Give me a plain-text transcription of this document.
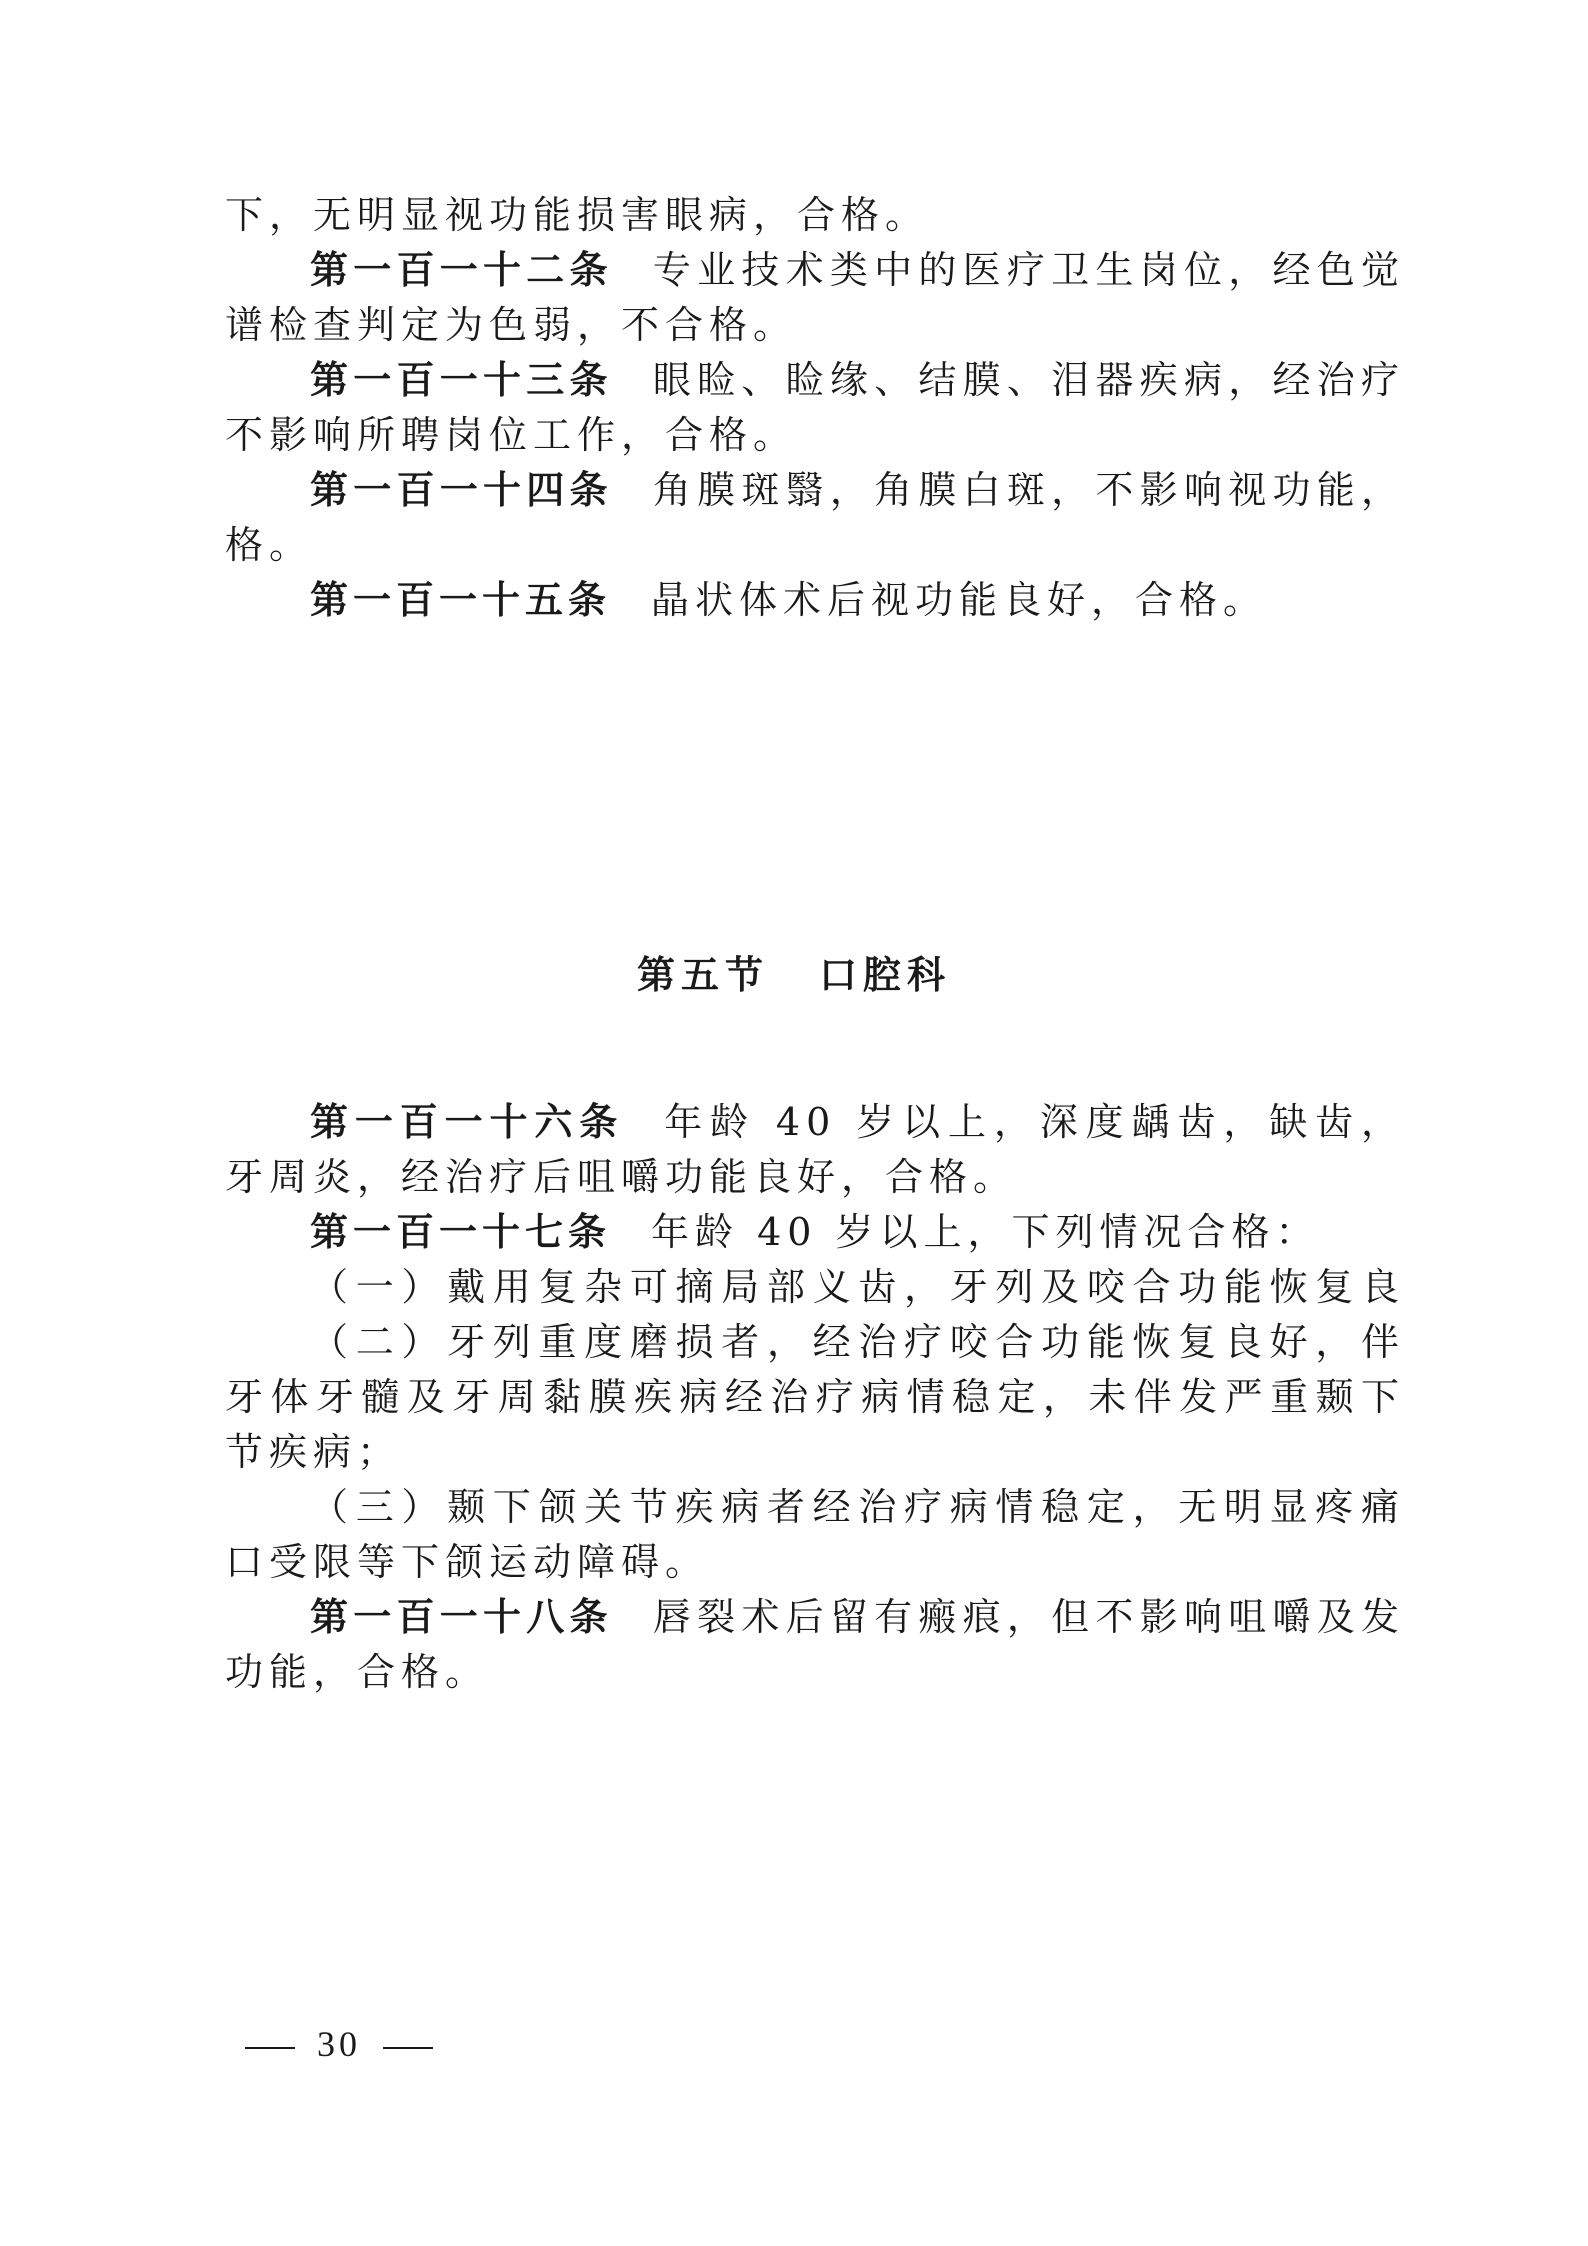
下，无明显视功能损害眼病，合格。
第一百一十二条 专业技术类中的医疗卫生岗位，经色觉
谱检查判定为色弱，不合格。
第一百一十三条 眼睑、睑缘、结膜、泪器疾病，经治疗
不影响所聘岗位工作，合格。
第一百一十四条 角膜斑翳，角膜白斑，不影响视功能，
格。
第一百一十五条 晶状体术后视功能良好，合格。
第五节 口腔科
第一百一十六条 年龄 40 岁以上，深度龋齿，缺齿，
牙周炎，经治疗后咀嚼功能良好，合格。
第一百一十七条 年龄 40 岁以上，下列情况合格：
（一）戴用复杂可摘局部义齿，牙列及咬合功能恢复良
（二）牙列重度磨损者，经治疗咬合功能恢复良好，伴
牙体牙髓及牙周黏膜疾病经治疗病情稳定，未伴发严重颞下
节疾病；
（三）颞下颌关节疾病者经治疗病情稳定，无明显疼痛
口受限等下颌运动障碍。
第一百一十八条 唇裂术后留有瘢痕，但不影响咀嚼及发
功能，合格。
30
